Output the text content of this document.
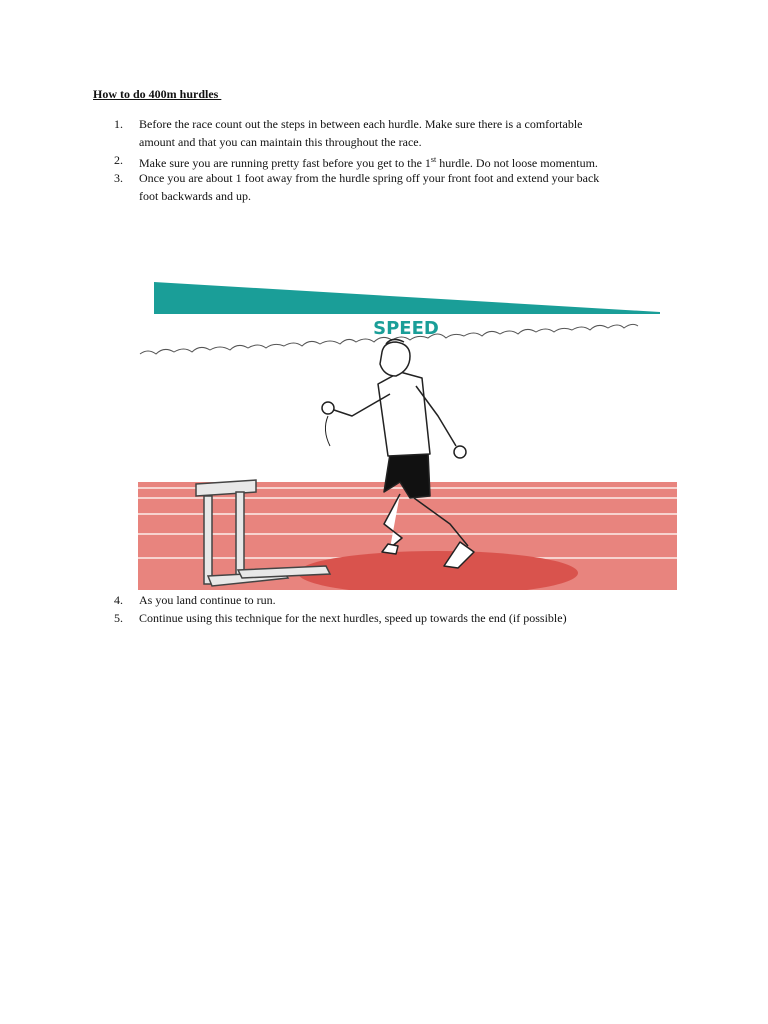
How to do 400m hurdles
1.	Before the race count out the steps in between each hurdle. Make sure there is a comfortable
amount and that you can maintain this throughout the race.
2.	Make sure you are running pretty fast before you get to the 1st hurdle. Do not loose momentum.
3.	Once you are about 1 foot away from the hurdle spring off your front foot and extend your back
foot backwards and up.
SPEED
4.	As you land continue to run.
5.	Continue using this technique for the next hurdles, speed up towards the end (if possible)
